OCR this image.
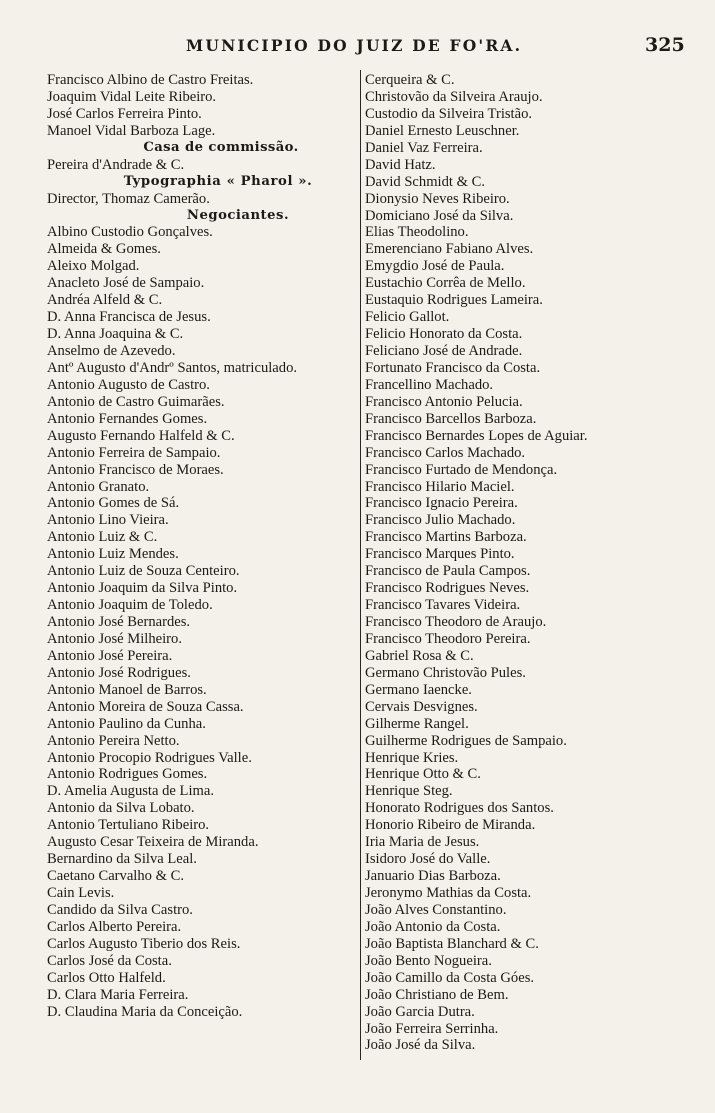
MUNICIPIO DO JUIZ DE FO'RA.	325
Francisco Albino de Castro Freitas.
Joaquim Vidal Leite Ribeiro.
José Carlos Ferreira Pinto.
Manoel Vidal Barboza Lage.
Casa de commissão.
Pereira d'Andrade & C.
Typographia « Pharol ».
Director, Thomaz Camerão.
Negociantes.
Albino Custodio Gonçalves.
Almeida & Gomes.
Aleixo Molgad.
Anacleto José de Sampaio.
Andréa Alfeld & C.
D. Anna Francisca de Jesus.
D. Anna Joaquina & C.
Anselmo de Azevedo.
Antº Augusto d'Andrº Santos, matriculado.
Antonio Augusto de Castro.
Antonio de Castro Guimarães.
Antonio Fernandes Gomes.
Augusto Fernando Halfeld & C.
Antonio Ferreira de Sampaio.
Antonio Francisco de Moraes.
Antonio Granato.
Antonio Gomes de Sá.
Antonio Lino Vieira.
Antonio Luiz & C.
Antonio Luiz Mendes.
Antonio Luiz de Souza Centeiro.
Antonio Joaquim da Silva Pinto.
Antonio Joaquim de Toledo.
Antonio José Bernardes.
Antonio José Milheiro.
Antonio José Pereira.
Antonio José Rodrigues.
Antonio Manoel de Barros.
Antonio Moreira de Souza Cassa.
Antonio Paulino da Cunha.
Antonio Pereira Netto.
Antonio Procopio Rodrigues Valle.
Antonio Rodrigues Gomes.
D. Amelia Augusta de Lima.
Antonio da Silva Lobato.
Antonio Tertuliano Ribeiro.
Augusto Cesar Teixeira de Miranda.
Bernardino da Silva Leal.
Caetano Carvalho & C.
Cain Levis.
Candido da Silva Castro.
Carlos Alberto Pereira.
Carlos Augusto Tiberio dos Reis.
Carlos José da Costa.
Carlos Otto Halfeld.
D. Clara Maria Ferreira.
D. Claudina Maria da Conceição.
Cerqueira & C.
Christovão da Silveira Araujo.
Custodio da Silveira Tristão.
Daniel Ernesto Leuschner.
Daniel Vaz Ferreira.
David Hatz.
David Schmidt & C.
Dionysio Neves Ribeiro.
Domiciano José da Silva.
Elias Theodolino.
Emerenciano Fabiano Alves.
Emygdio José de Paula.
Eustachio Corrêa de Mello.
Eustaquio Rodrigues Lameira.
Felicio Gallot.
Felicio Honorato da Costa.
Feliciano José de Andrade.
Fortunato Francisco da Costa.
Francellino Machado.
Francisco Antonio Pelucia.
Francisco Barcellos Barboza.
Francisco Bernardes Lopes de Aguiar.
Francisco Carlos Machado.
Francisco Furtado de Mendonça.
Francisco Hilario Maciel.
Francisco Ignacio Pereira.
Francisco Julio Machado.
Francisco Martins Barboza.
Francisco Marques Pinto.
Francisco de Paula Campos.
Francisco Rodrigues Neves.
Francisco Tavares Videira.
Francisco Theodoro de Araujo.
Francisco Theodoro Pereira.
Gabriel Rosa & C.
Germano Christovão Pules.
Germano Iaencke.
Cervais Desvignes.
Gilherme Rangel.
Guilherme Rodrigues de Sampaio.
Henrique Kries.
Henrique Otto & C.
Henrique Steg.
Honorato Rodrigues dos Santos.
Honorio Ribeiro de Miranda.
Iria Maria de Jesus.
Isidoro José do Valle.
Januario Dias Barboza.
Jeronymo Mathias da Costa.
João Alves Constantino.
João Antonio da Costa.
João Baptista Blanchard & C.
João Bento Nogueira.
João Camillo da Costa Góes.
João Christiano de Bem.
João Garcia Dutra.
João Ferreira Serrinha.
João José da Silva.
